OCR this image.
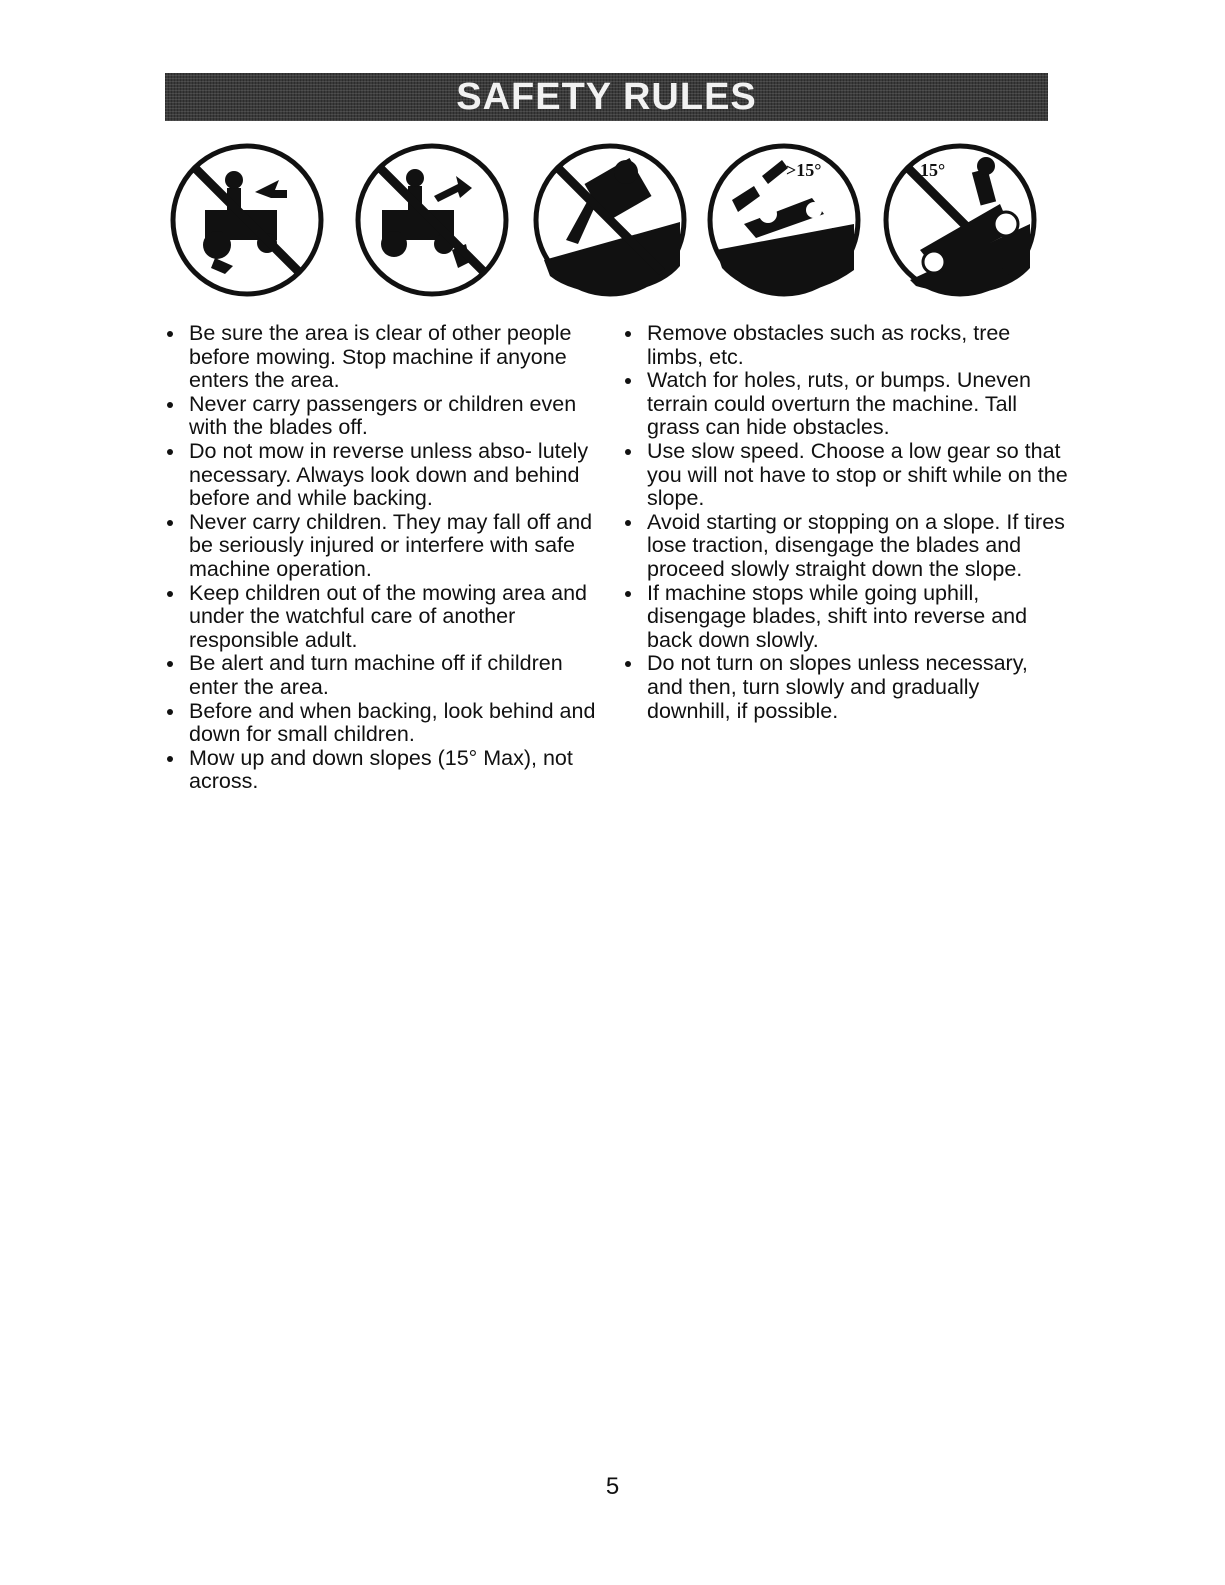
SAFETY RULES
>15°	15°
Be sure the area is clear of other people before mowing. Stop machine if anyone enters the area.
Never carry passengers or children even with the blades off.
Do not mow in reverse unless abso- lutely necessary. Always look down and behind before and while backing.
Never carry children. They may fall off and be seriously injured or interfere with safe machine operation.
Keep children out of the mowing area and under the watchful care of another responsible adult.
Be alert and turn machine off if children enter the area.
Before and when backing, look behind and down for small children.
Mow up and down slopes (15° Max), not across.
Remove obstacles such as rocks, tree limbs, etc.
Watch for holes, ruts, or bumps. Uneven terrain could overturn the machine. Tall grass can hide obstacles.
Use slow speed. Choose a low gear so that you will not have to stop or shift while on the slope.
Avoid starting or stopping on a slope. If tires lose traction, disengage the blades and proceed slowly straight down the slope.
If machine stops while going uphill, disengage blades, shift into reverse and back down slowly.
Do not turn on slopes unless necessary, and then, turn slowly and gradually downhill, if possible.
5
